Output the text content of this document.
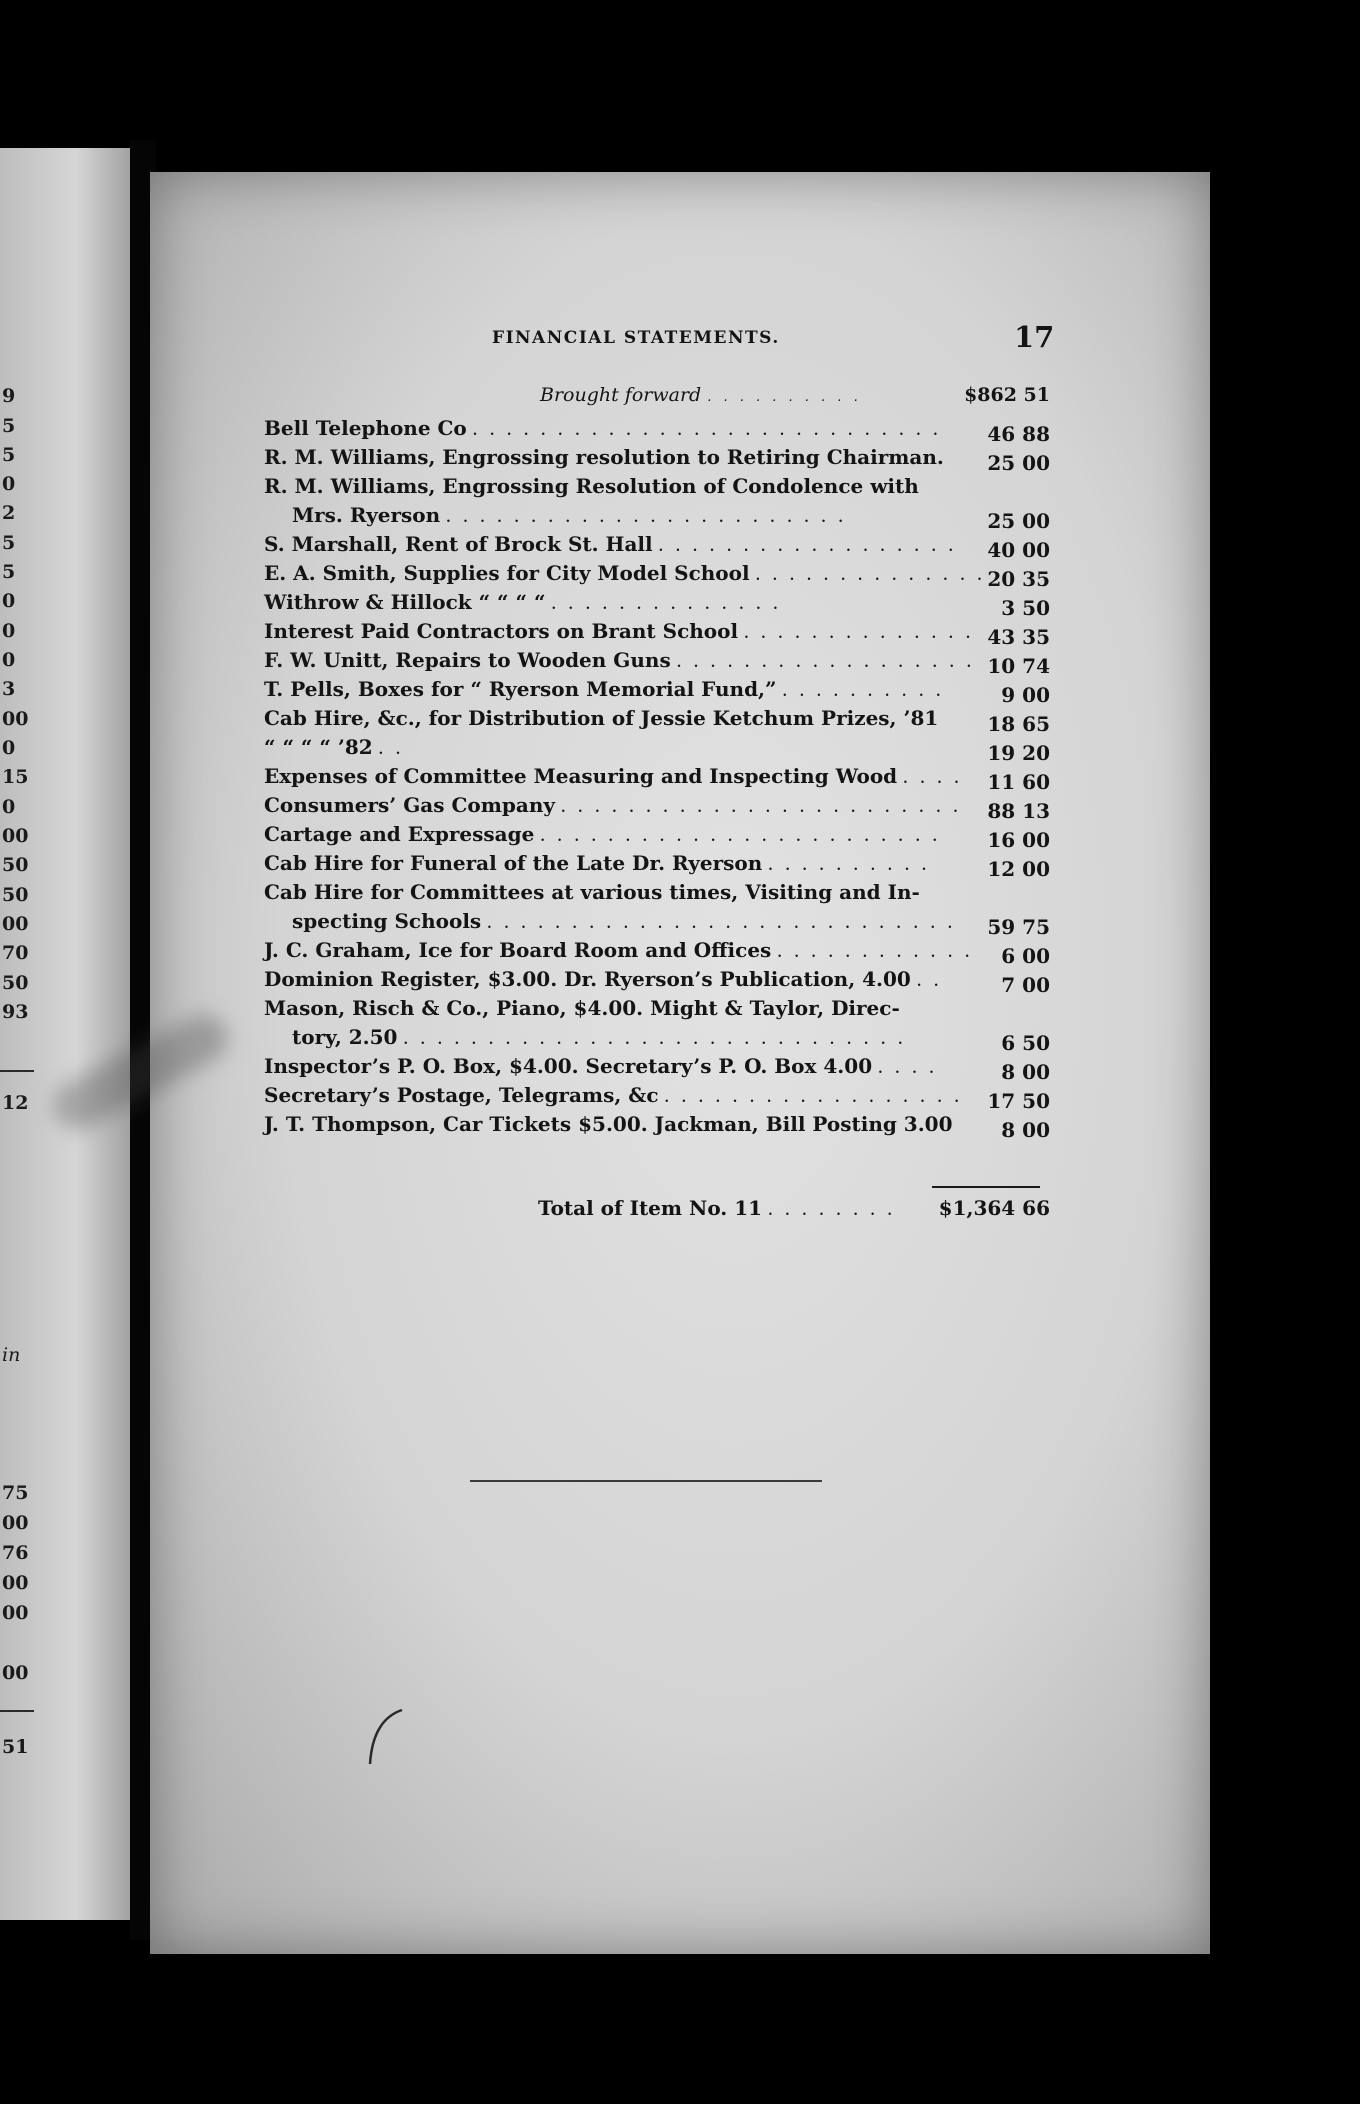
9
5
5
0
2
5
5
0
0
0
3
00
0
15
0
00
50
50
00
70
50
93
12
in
75
00
76
00
00
00
51
FINANCIAL STATEMENTS.	17
Brought forward . . . . . . . . . .	$862 51
Bell Telephone Co . . . . . . . . . . . . . . . . . . . . . . . . . . . .	46 88
R. M. Williams, Engrossing resolution to Retiring Chairman.	25 00
R. M. Williams, Engrossing Resolution of Condolence with
Mrs. Ryerson . . . . . . . . . . . . . . . . . . . . . . . .	25 00
S. Marshall, Rent of Brock St. Hall . . . . . . . . . . . . . . . . . .	40 00
E. A. Smith, Supplies for City Model School . . . . . . . . . . . . . . 20 35
Withrow & Hillock “ “ “ “ . . . . . . . . . . . . . .	3 50
Interest Paid Contractors on Brant School . . . . . . . . . . . . . . 43 35
F. W. Unitt, Repairs to Wooden Guns . . . . . . . . . . . . . . . . . . 10 74
T. Pells, Boxes for “ Ryerson Memorial Fund,” . . . . . . . . . .	9 00
Cab Hire, &c., for Distribution of Jessie Ketchum Prizes, ’81	18 65
“ “ “ “ ’82 . .	19 20
Expenses of Committee Measuring and Inspecting Wood . . . .	11 60
Consumers’ Gas Company . . . . . . . . . . . . . . . . . . . . . . . .	88 13
Cartage and Expressage . . . . . . . . . . . . . . . . . . . . . . . .	16 00
Cab Hire for Funeral of the Late Dr. Ryerson . . . . . . . . . .	12 00
Cab Hire for Committees at various times, Visiting and In-
specting Schools . . . . . . . . . . . . . . . . . . . . . . . . . . . .	59 75
J. C. Graham, Ice for Board Room and Offices . . . . . . . . . . . .	6 00
Dominion Register, $3.00. Dr. Ryerson’s Publication, 4.00 . .	7 00
Mason, Risch & Co., Piano, $4.00. Might & Taylor, Direc-
tory, 2.50 . . . . . . . . . . . . . . . . . . . . . . . . . . . . . .	6 50
Inspector’s P. O. Box, $4.00. Secretary’s P. O. Box 4.00 . . . .	8 00
Secretary’s Postage, Telegrams, &c . . . . . . . . . . . . . . . . . .	17 50
J. T. Thompson, Car Tickets $5.00. Jackman, Bill Posting 3.00	8 00
Total of Item No. 11 . . . . . . . .	$1,364 66
